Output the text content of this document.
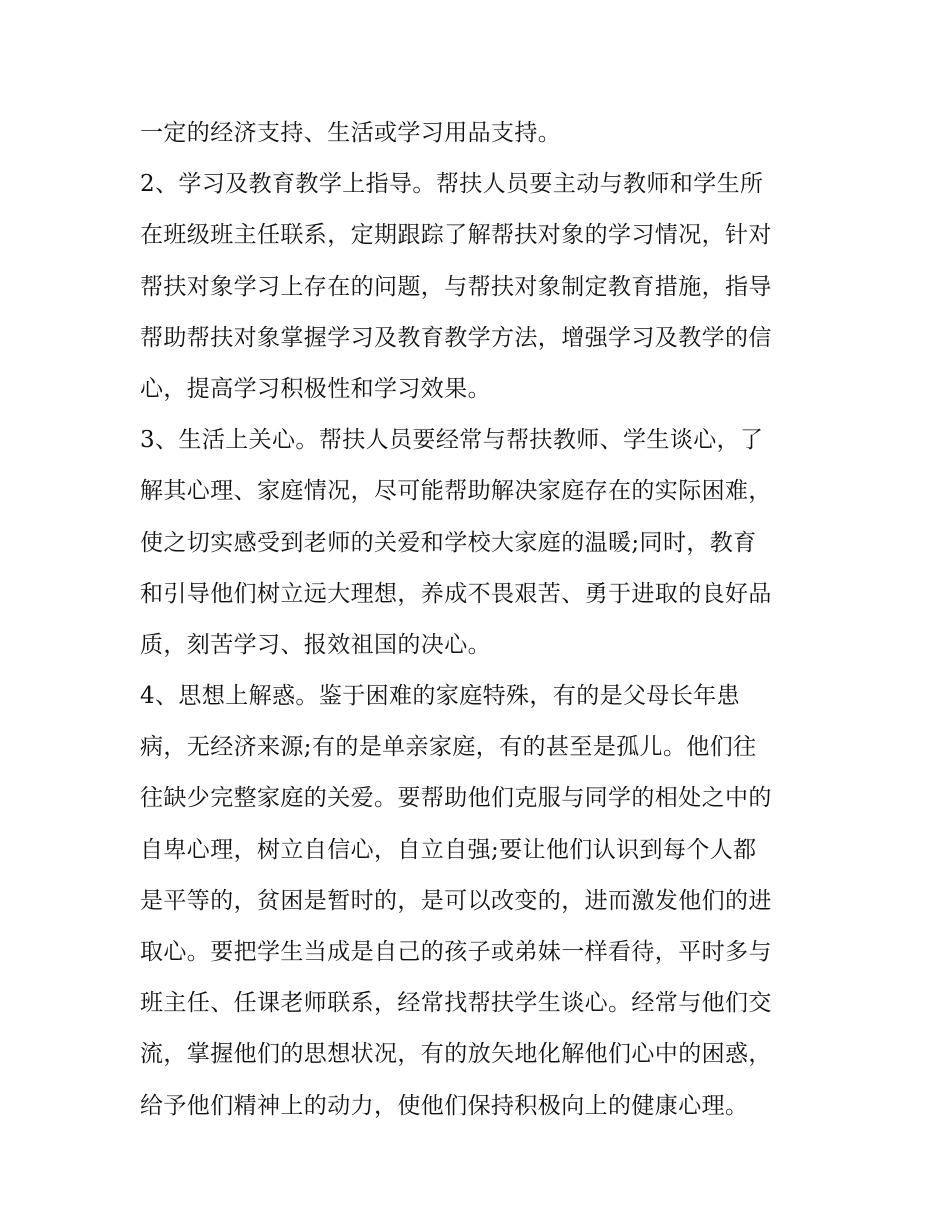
一定的经济支持、生活或学习用品支持。
2、学习及教育教学上指导。帮扶人员要主动与教师和学生所
在班级班主任联系，定期跟踪了解帮扶对象的学习情况，针对
帮扶对象学习上存在的问题，与帮扶对象制定教育措施，指导
帮助帮扶对象掌握学习及教育教学方法，增强学习及教学的信
心，提高学习积极性和学习效果。
3、生活上关心。帮扶人员要经常与帮扶教师、学生谈心，了
解其心理、家庭情况，尽可能帮助解决家庭存在的实际困难，
使之切实感受到老师的关爱和学校大家庭的温暖;同时，教育
和引导他们树立远大理想，养成不畏艰苦、勇于进取的良好品
质，刻苦学习、报效祖国的决心。
4、思想上解惑。鉴于困难的家庭特殊，有的是父母长年患
病，无经济来源;有的是单亲家庭，有的甚至是孤儿。他们往
往缺少完整家庭的关爱。要帮助他们克服与同学的相处之中的
自卑心理，树立自信心，自立自强;要让他们认识到每个人都
是平等的，贫困是暂时的，是可以改变的，进而激发他们的进
取心。要把学生当成是自己的孩子或弟妹一样看待，平时多与
班主任、任课老师联系，经常找帮扶学生谈心。经常与他们交
流，掌握他们的思想状况，有的放矢地化解他们心中的困惑，
给予他们精神上的动力，使他们保持积极向上的健康心理。
